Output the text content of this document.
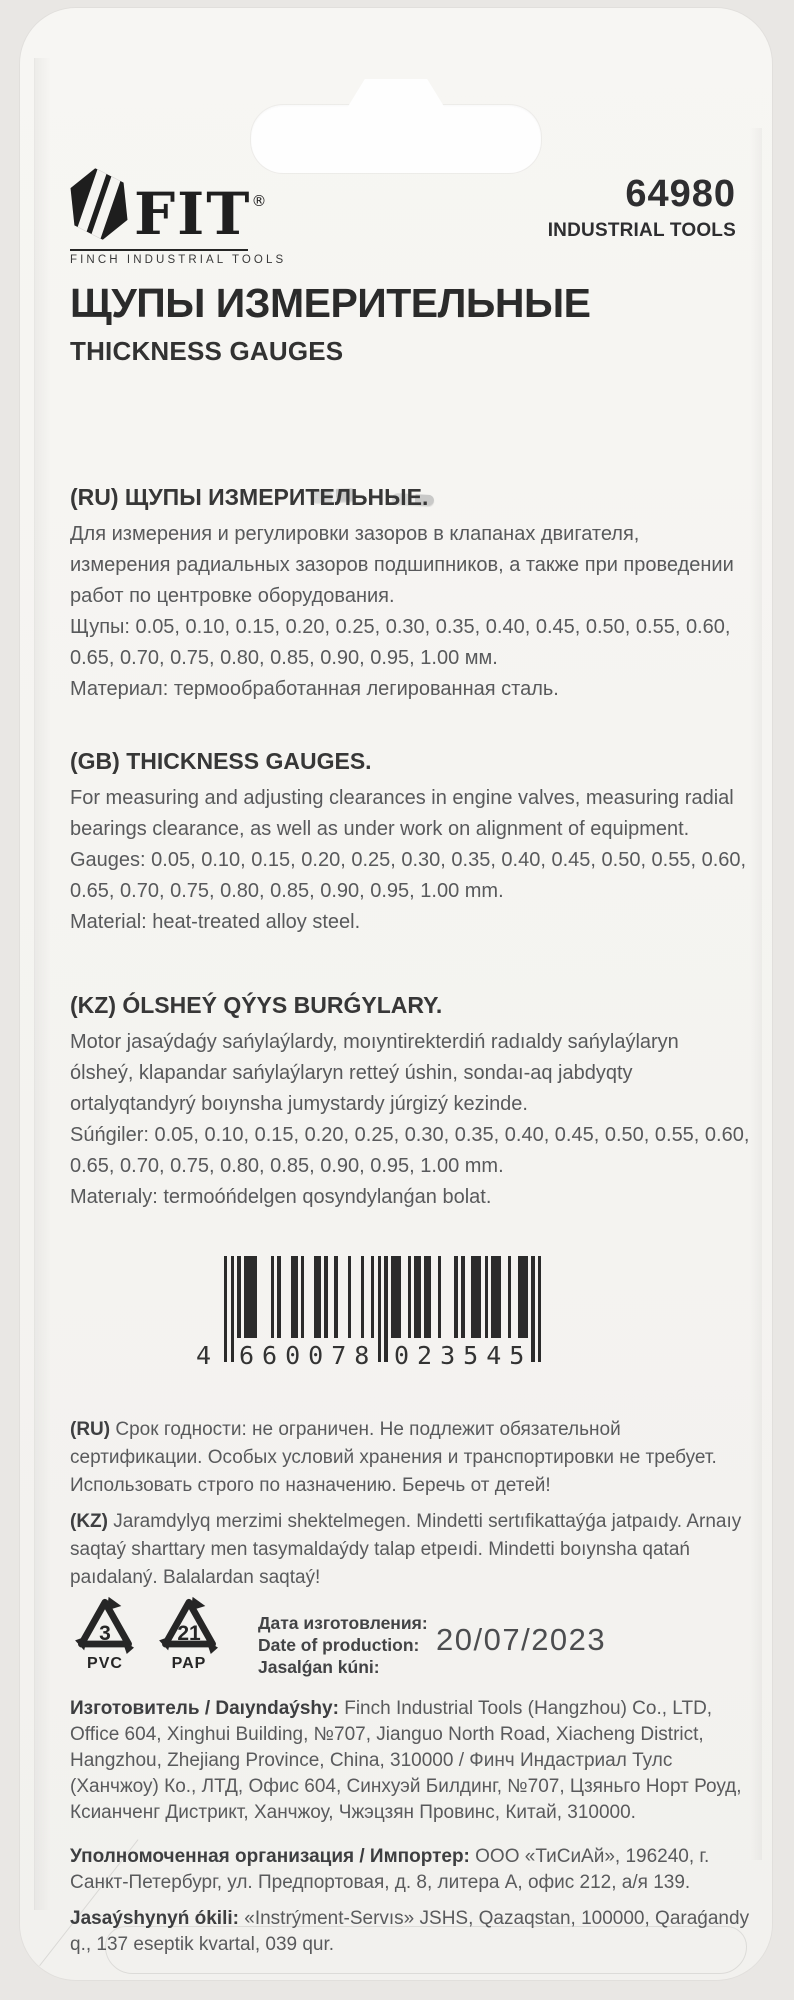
FIT®
FINCH INDUSTRIAL TOOLS
64980
INDUSTRIAL TOOLS
ЩУПЫ ИЗМЕРИТЕЛЬНЫЕ
THICKNESS GAUGES
(RU) ЩУПЫ ИЗМЕРИТЕЛЬНЫЕ.

Для измерения и регулировки зазоров в клапанах двигателя, измерения радиальных зазоров подшипников, а также при проведении работ по центровке оборудования.

Щупы: 0.05, 0.10, 0.15, 0.20, 0.25, 0.30, 0.35, 0.40, 0.45, 0.50, 0.55, 0.60, 0.65, 0.70, 0.75, 0.80, 0.85, 0.90, 0.95, 1.00 мм.

Материал: термообработанная легированная сталь.

(GB) THICKNESS GAUGES.

For measuring and adjusting clearances in engine valves, measuring radial bearings clearance, as well as under work on alignment of equipment.

Gauges: 0.05, 0.10, 0.15, 0.20, 0.25, 0.30, 0.35, 0.40, 0.45, 0.50, 0.55, 0.60, 0.65, 0.70, 0.75, 0.80, 0.85, 0.90, 0.95, 1.00 mm.

Material: heat-treated alloy steel.

(KZ) ÓLSHEÝ QÝYS BURǴYLARY.

Motor jasaýdaǵy sańylaýlardy, moıyntirekterdiń radıaldy sańylaýlaryn ólsheý, klapandar sańylaýlaryn retteý úshin, sondaı-aq jabdyqty ortalyqtandyrý boıynsha jumystardy júrgizý kezinde.

Súńgiler: 0.05, 0.10, 0.15, 0.20, 0.25, 0.30, 0.35, 0.40, 0.45, 0.50, 0.55, 0.60, 0.65, 0.70, 0.75, 0.80, 0.85, 0.90, 0.95, 1.00 mm.

Materıaly: termoóńdelgen qosyndylanǵan bolat.

4 660078 023545

(RU) Срок годности: не ограничен. Не подлежит обязательной сертификации. Особых условий хранения и транспортировки не требует. Использовать строго по назначению. Беречь от детей!

(KZ) Jaramdylyq merzimi shektelmegen. Mindetti sertıfikattaýǵa jatpaıdy. Arnaıy saqtaý sharttary men tasymaldaýdy talap etpeıdi. Mindetti boıynsha qatań paıdalaný. Balalardan saqtaý!

3
PVC
21
PAP
Дата изготовления:
Date of production:
Jasalǵan kúni:
20/07/2023

Изготовитель / Daıyndaýshy: Finch Industrial Tools (Hangzhou) Co., LTD, Office 604, Xinghui Building, №707, Jianguo North Road, Xiacheng District, Hangzhou, Zhejiang Province, China, 310000 / Финч Индастриал Тулс (Ханчжоу) Ко., ЛТД, Офис 604, Синхуэй Билдинг, №707, Цзяньго Норт Роуд, Ксианченг Дистрикт, Ханчжоу, Чжэцзян Провинс, Китай, 310000.

Уполномоченная организация / Импортер: ООО «ТиСиАй», 196240, г. Санкт-Петербург, ул. Предпортовая, д. 8, литера А, офис 212, а/я 139.

Jasaýshynyń ókili: «Instrýment-Servıs» JSHS, Qazaqstan, 100000, Qaraǵandy q., 137 eseptik kvartal, 039 qur.
